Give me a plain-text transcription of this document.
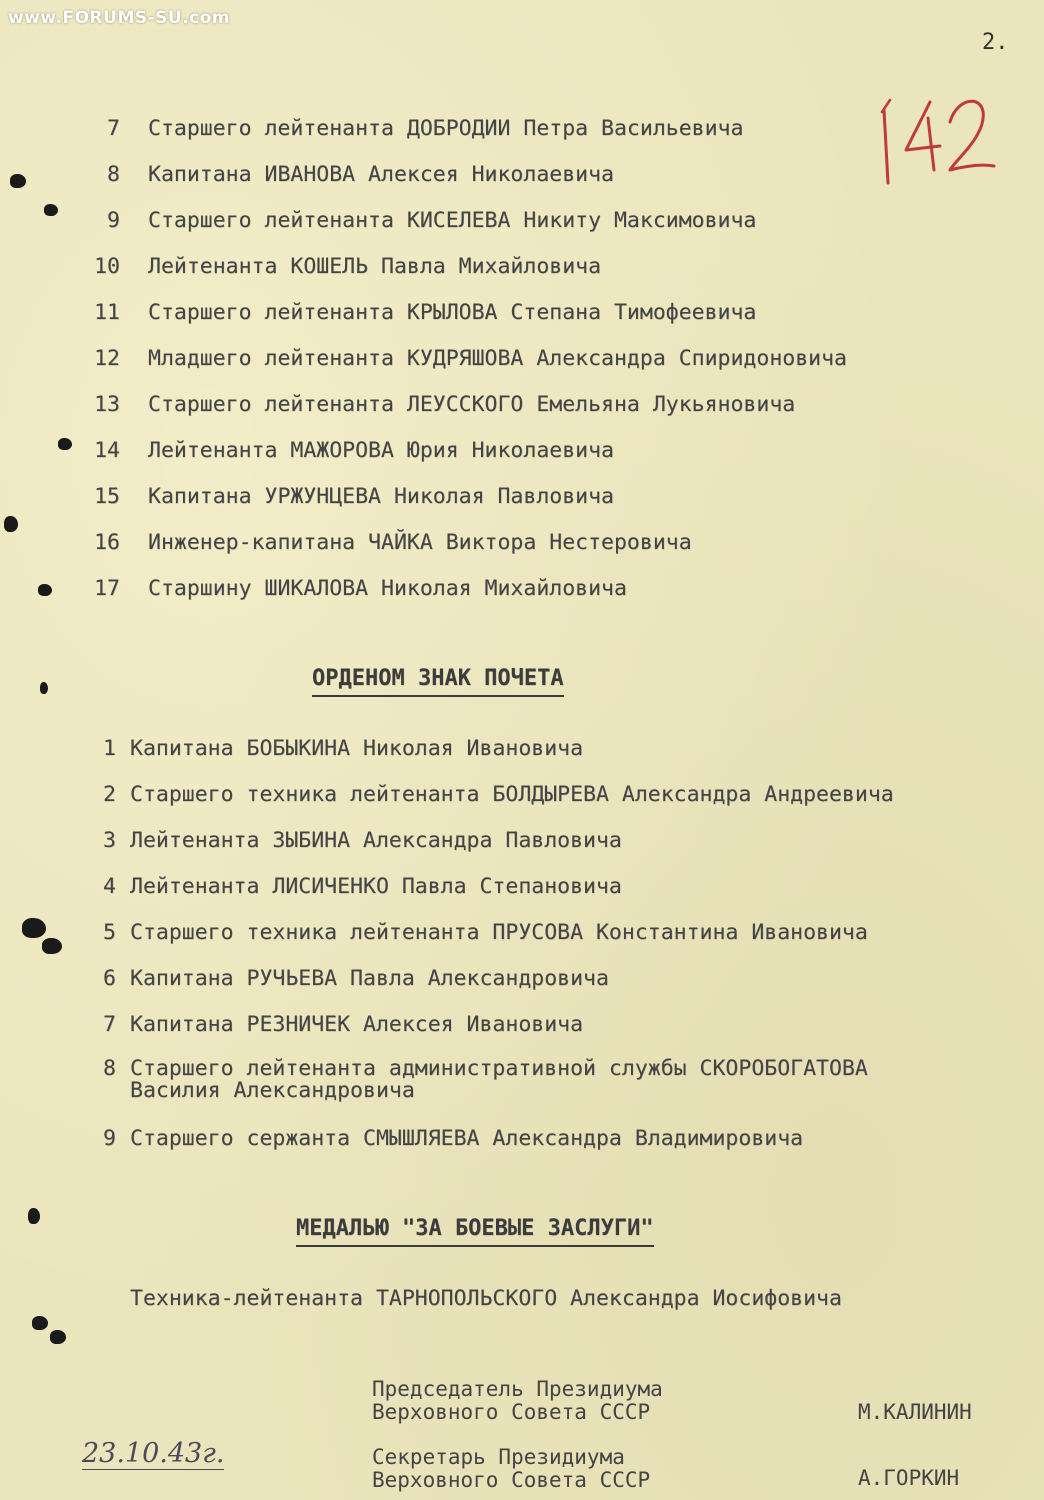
www.FORUMS-SU.com
2.
7 Старшего лейтенанта ДОБРОДИИ Петра Васильевича
8 Капитана ИВАНОВА Алексея Николаевича
9 Старшего лейтенанта КИСЕЛЕВА Никиту Максимовича
10 Лейтенанта КОШЕЛЬ Павла Михайловича
11 Старшего лейтенанта КРЫЛОВА Степана Тимофеевича
12 Младшего лейтенанта КУДРЯШОВА Александра Спиридоновича
13 Старшего лейтенанта ЛЕУССКОГО Емельяна Лукьяновича
14 Лейтенанта МАЖОРОВА Юрия Николаевича
15 Капитана УРЖУНЦЕВА Николая Павловича
16 Инженер-капитана ЧАЙКА Виктора Нестеровича
17 Старшину ШИКАЛОВА Николая Михайловича
ОРДЕНОМ ЗНАК ПОЧЕТА
1 Капитана БОБЫКИНА Николая Ивановича
2 Старшего техника лейтенанта БОЛДЫРЕВА Александра Андреевича
3 Лейтенанта ЗЫБИНА Александра Павловича
4 Лейтенанта ЛИСИЧЕНКО Павла Степановича
5 Старшего техника лейтенанта ПРУСОВА Константина Ивановича
6 Капитана РУЧЬЕВА Павла Александровича
7 Капитана РЕЗНИЧЕК Алексея Ивановича
8 Старшего лейтенанта административной службы СКОРОБОГАТОВА
Василия Александровича
9 Старшего сержанта СМЫШЛЯЕВА Александра Владимировича
МЕДАЛЬЮ "ЗА БОЕВЫЕ ЗАСЛУГИ"
Техника-лейтенанта ТАРНОПОЛЬСКОГО Александра Иосифовича
Председатель Президиума
Верховного Совета СССР	М.КАЛИНИН
Секретарь Президиума
Верховного Совета СССР	А.ГОРКИН
23.10.43г.
